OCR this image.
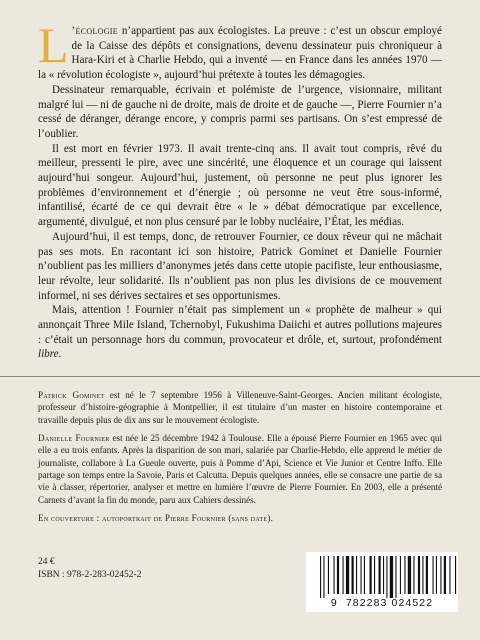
L ’écologie n’appartient pas aux écologistes. La preuve : c’est un obscur employé de la Caisse des dépôts et consignations, devenu dessinateur puis chroniqueur à Hara-Kiri et à Charlie Hebdo, qui a inventé — en France dans les années 1970 — la « révolution écologiste », aujourd’hui prétexte à toutes les démagogies.

Dessinateur remarquable, écrivain et polémiste de l’urgence, visionnaire, militant malgré lui — ni de gauche ni de droite, mais de droite et de gauche —, Pierre Fournier n’a cessé de déranger, dérange encore, y compris parmi ses partisans. On s’est empressé de l’oublier.

Il est mort en février 1973. Il avait trente-cinq ans. Il avait tout compris, rêvé du meilleur, pressenti le pire, avec une sincérité, une éloquence et un courage qui laissent aujourd’hui songeur. Aujourd’hui, justement, où personne ne peut plus ignorer les problèmes d’environnement et d’énergie ; où personne ne veut être sous-informé, infantilisé, écarté de ce qui devrait être « le » débat démocratique par excellence, argumenté, divulgué, et non plus censuré par le lobby nucléaire, l’État, les médias.

Aujourd’hui, il est temps, donc, de retrouver Fournier, ce doux rêveur qui ne mâchait pas ses mots. En racontant ici son histoire, Patrick Gominet et Danielle Fournier n’oublient pas les milliers d’anonymes jetés dans cette utopie pacifiste, leur enthousiasme, leur révolte, leur solidarité. Ils n’oublient pas non plus les divisions de ce mouvement informel, ni ses dérives sectaires et ses opportunismes.

Mais, attention ! Fournier n’était pas simplement un « prophète de malheur » qui annonçait Three Mile Island, Tchernobyl, Fukushima Daiichi et autres pollutions majeures : c’était un personnage hors du commun, provocateur et drôle, et, surtout, profondément libre.

Patrick Gominet est né le 7 septembre 1956 à Villeneuve-Saint-Georges. Ancien militant écologiste, professeur d’histoire-géographie à Montpellier, il est titulaire d’un master en histoire contemporaine et travaille depuis plus de dix ans sur le mouvement écologiste.

Danielle Fournier est née le 25 décembre 1942 à Toulouse. Elle a épousé Pierre Fournier en 1965 avec qui elle a eu trois enfants. Après la disparition de son mari, salariée par Charlie-Hebdo, elle apprend le métier de journaliste, collabore à La Gueule ouverte, puis à Pomme d’Api, Science et Vie Junior et Centre Inffo. Elle partage son temps entre la Savoie, Paris et Calcutta. Depuis quelques années, elle se consacre une partie de sa vie à classer, répertorier, analyser et mettre en lumière l’œuvre de Pierre Fournier. En 2003, elle a présenté Carnets d’avant la fin du monde, paru aux Cahiers dessinés.

En couverture : autoportrait de Pierre Fournier (sans date).

24 €
ISBN : 978-2-283-02452-2
9 782283 024522
